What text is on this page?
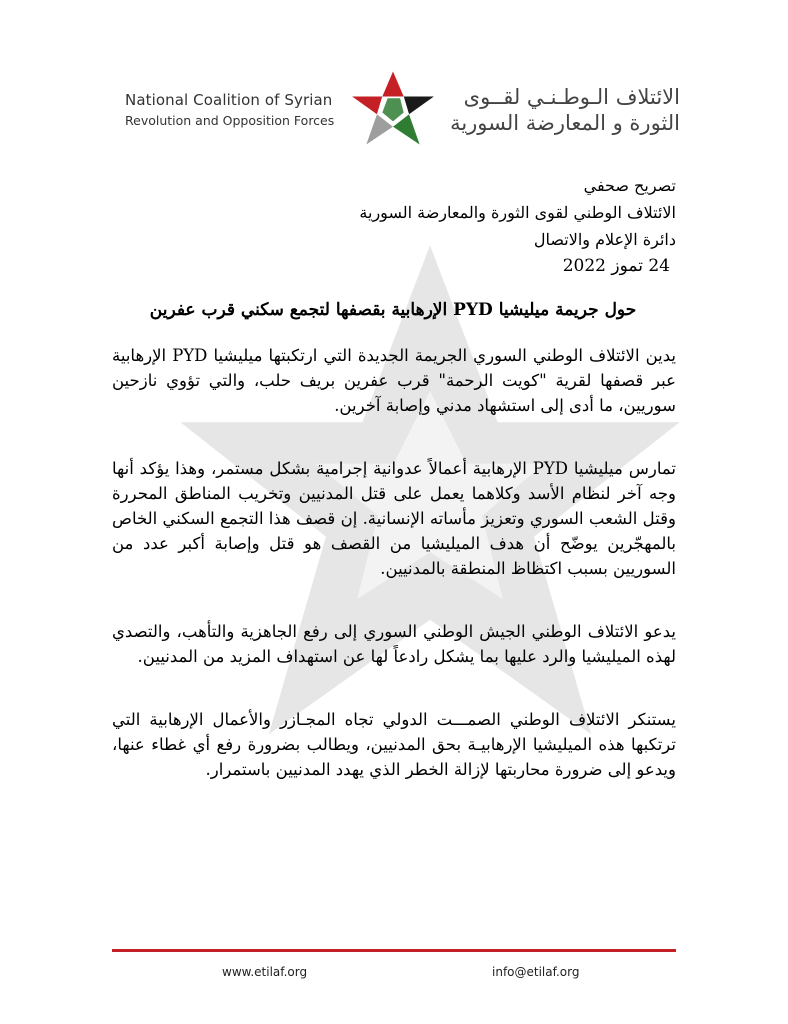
National Coalition of Syrian
Revolution and Opposition Forces
الائتلاف الـوطـنـي لقــوى
الثورة و المعارضة السورية
تصريح صحفي
الائتلاف الوطني لقوى الثورة والمعارضة السورية
دائرة الإعلام والاتصال
24 تموز 2022
حول جريمة ميليشيا PYD الإرهابية بقصفها لتجمع سكني قرب عفرين

يدين الائتلاف الوطني السوري الجريمة الجديدة التي ارتكبتها ميليشيا PYD الإرهابية عبر قصفها لقرية "كويت الرحمة" قرب عفرين بريف حلب، والتي تؤوي نازحين سوريين، ما أدى إلى استشهاد مدني وإصابة آخرين.

تمارس ميليشيا PYD الإرهابية أعمالاً عدوانية إجرامية بشكل مستمر، وهذا يؤكد أنها وجه آخر لنظام الأسد وكلاهما يعمل على قتل المدنيين وتخريب المناطق المحررة وقتل الشعب السوري وتعزيز مأساته الإنسانية. إن قصف هذا التجمع السكني الخاص بالمهجّرين يوضّح أن هدف الميليشيا من القصف هو قتل وإصابة أكبر عدد من السوريين بسبب اكتظاظ المنطقة بالمدنيين.

يدعو الائتلاف الوطني الجيش الوطني السوري إلى رفع الجاهزية والتأهب، والتصدي لهذه الميليشيا والرد عليها بما يشكل رادعاً لها عن استهداف المزيد من المدنيين.

يستنكر الائتلاف الوطني الصمـــت الدولي تجاه المجـازر والأعمال الإرهابية التي ترتكبها هذه الميليشيا الإرهابيـة بحق المدنيين، ويطالب بضرورة رفع أي غطاء عنها، ويدعو إلى ضرورة محاربتها لإزالة الخطر الذي يهدد المدنيين باستمرار.

www.etilaf.org	info@etilaf.org
